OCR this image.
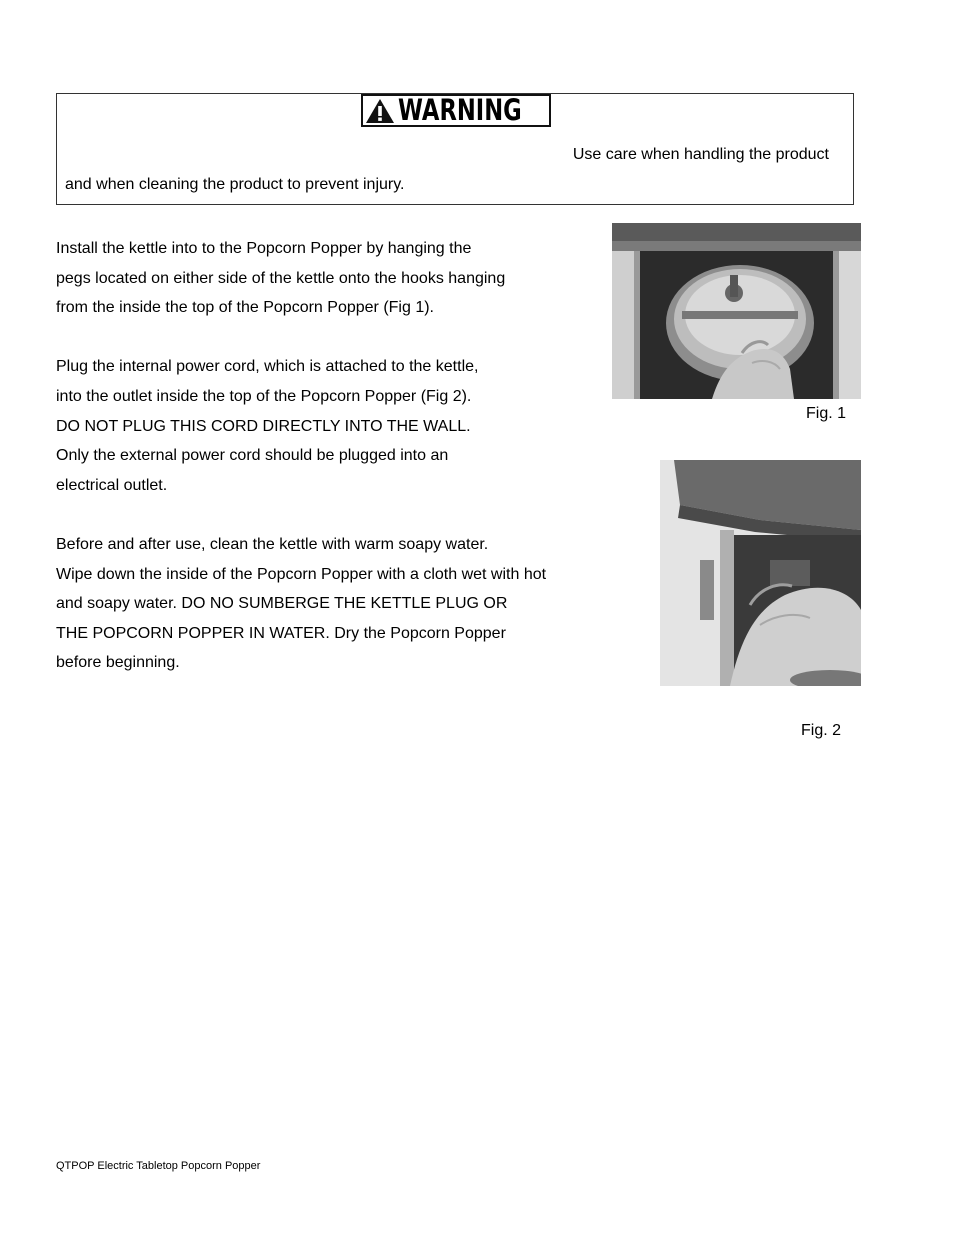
WARNING
Use care when handling the product
and when cleaning the product to prevent injury.

Install the kettle into to the Popcorn Popper by hanging the
pegs located on either side of the kettle onto the hooks hanging
from the inside the top of the Popcorn Popper (Fig 1).

Plug the internal power cord, which is attached to the kettle,
into the outlet inside the top of the Popcorn Popper (Fig 2).
DO NOT PLUG THIS CORD DIRECTLY INTO THE WALL.
Only the external power cord should be plugged into an
electrical outlet.

Before and after use, clean the kettle with warm soapy water.
Wipe down the inside of the Popcorn Popper with a cloth wet with hot
and soapy water. DO NO SUMBERGE THE KETTLE PLUG OR
THE POPCORN POPPER IN WATER. Dry the Popcorn Popper
before beginning.

Fig. 1
Fig. 2
QTPOP Electric Tabletop Popcorn Popper
